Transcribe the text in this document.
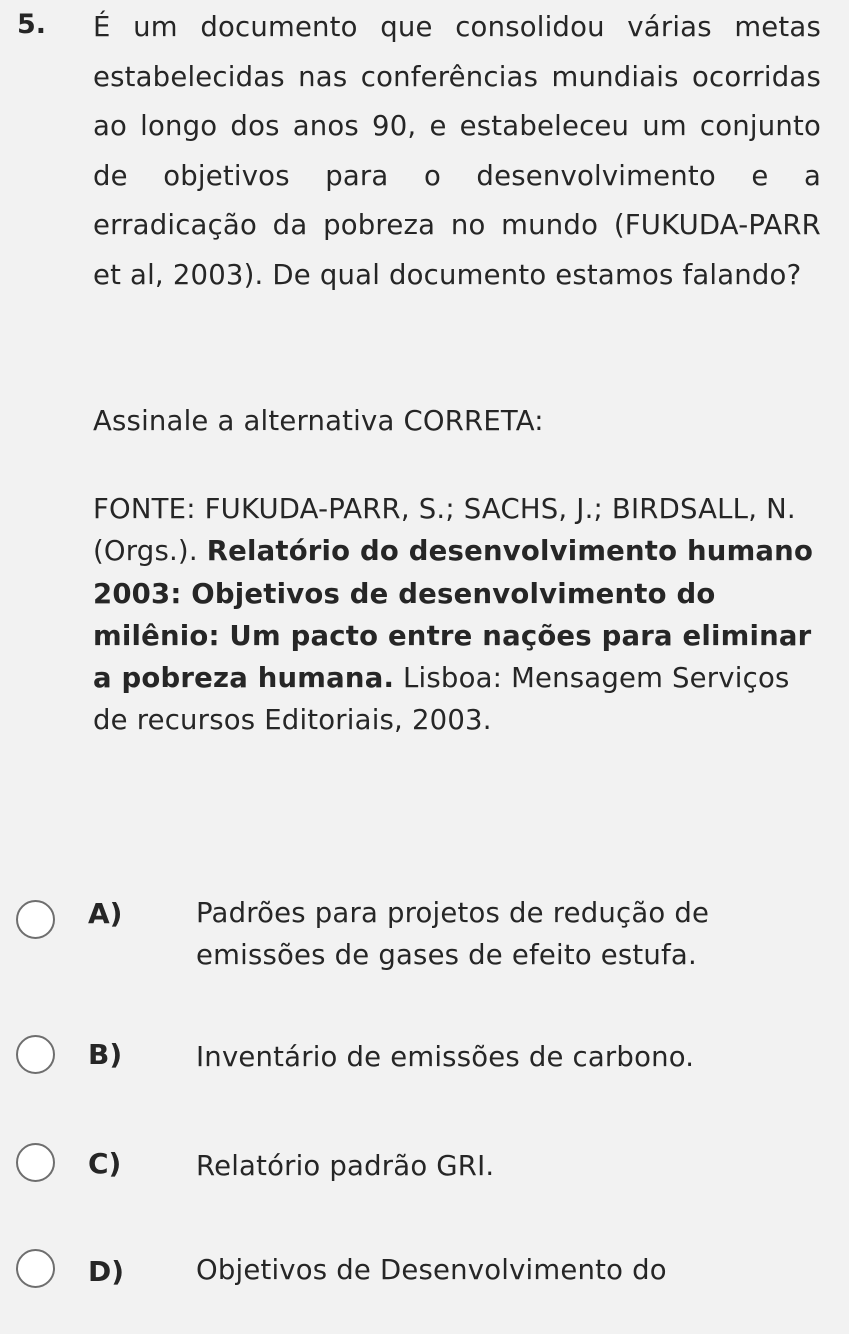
5. É um documento que consolidou várias metas estabelecidas nas conferências mundiais ocorridas ao longo dos anos 90, e estabeleceu um conjunto de objetivos para o desenvolvimento e a erradicação da pobreza no mundo (FUKUDA-PARR et al, 2003). De qual documento estamos falando?
Assinale a alternativa CORRETA:
FONTE: FUKUDA-PARR, S.; SACHS, J.; BIRDSALL, N. (Orgs.). Relatório do desenvolvimento humano 2003: Objetivos de desenvolvimento do milênio: Um pacto entre nações para eliminar a pobreza humana. Lisboa: Mensagem Serviços de recursos Editoriais, 2003.
A)	Padrões para projetos de redução de emissões de gases de efeito estufa.
B)	Inventário de emissões de carbono.
C)	Relatório padrão GRI.
D)	Objetivos de Desenvolvimento do
